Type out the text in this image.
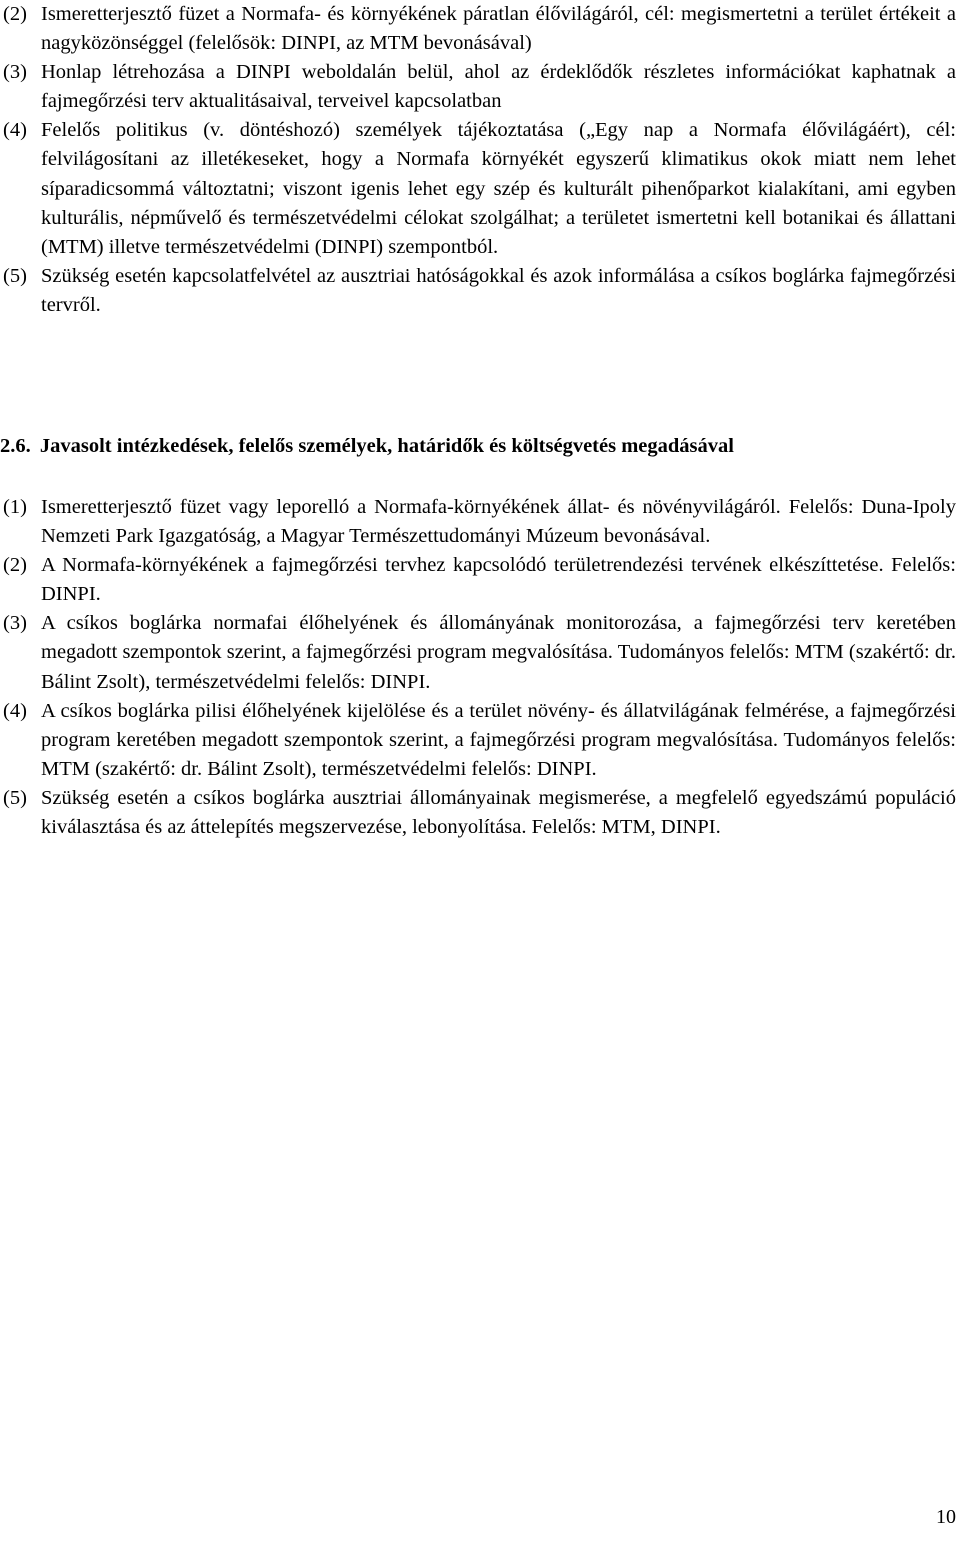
(2) Ismeretterjesztő füzet a Normafa- és környékének páratlan élővilágáról, cél: megismertetni a terület értékeit a nagyközönséggel (felelősök: DINPI, az MTM bevonásával)
(3) Honlap létrehozása a DINPI weboldalán belül, ahol az érdeklődők részletes információkat kaphatnak a fajmegőrzési terv aktualitásaival, terveivel kapcsolatban
(4) Felelős politikus (v. döntéshozó) személyek tájékoztatása („Egy nap a Normafa élővilágáért), cél: felvilágosítani az illetékeseket, hogy a Normafa környékét egyszerű klimatikus okok miatt nem lehet síparadicsommá változtatni; viszont igenis lehet egy szép és kulturált pihenőparkot kialakítani, ami egyben kulturális, népművelő és természetvédelmi célokat szolgálhat; a területet ismertetni kell botanikai és állattani (MTM) illetve természetvédelmi (DINPI) szempontból.
(5) Szükség esetén kapcsolatfelvétel az ausztriai hatóságokkal és azok informálása a csíkos boglárka fajmegőrzési tervről.
2.6. Javasolt intézkedések, felelős személyek, határidők és költségvetés megadásával
(1) Ismeretterjesztő füzet vagy leporelló a Normafa-környékének állat- és növényvilágáról. Felelős: Duna-Ipoly Nemzeti Park Igazgatóság, a Magyar Természettudományi Múzeum bevonásával.
(2) A Normafa-környékének a fajmegőrzési tervhez kapcsolódó területrendezési tervének elkészíttetése. Felelős: DINPI.
(3) A csíkos boglárka normafai élőhelyének és állományának monitorozása, a fajmegőrzési terv keretében megadott szempontok szerint, a fajmegőrzési program megvalósítása. Tudományos felelős: MTM (szakértő: dr. Bálint Zsolt), természetvédelmi felelős: DINPI.
(4) A csíkos boglárka pilisi élőhelyének kijelölése és a terület növény- és állatvilágának felmérése, a fajmegőrzési program keretében megadott szempontok szerint, a fajmegőrzési program megvalósítása. Tudományos felelős: MTM (szakértő: dr. Bálint Zsolt), természetvédelmi felelős: DINPI.
(5) Szükség esetén a csíkos boglárka ausztriai állományainak megismerése, a megfelelő egyedszámú populáció kiválasztása és az áttelepítés megszervezése, lebonyolítása. Felelős: MTM, DINPI.
10
